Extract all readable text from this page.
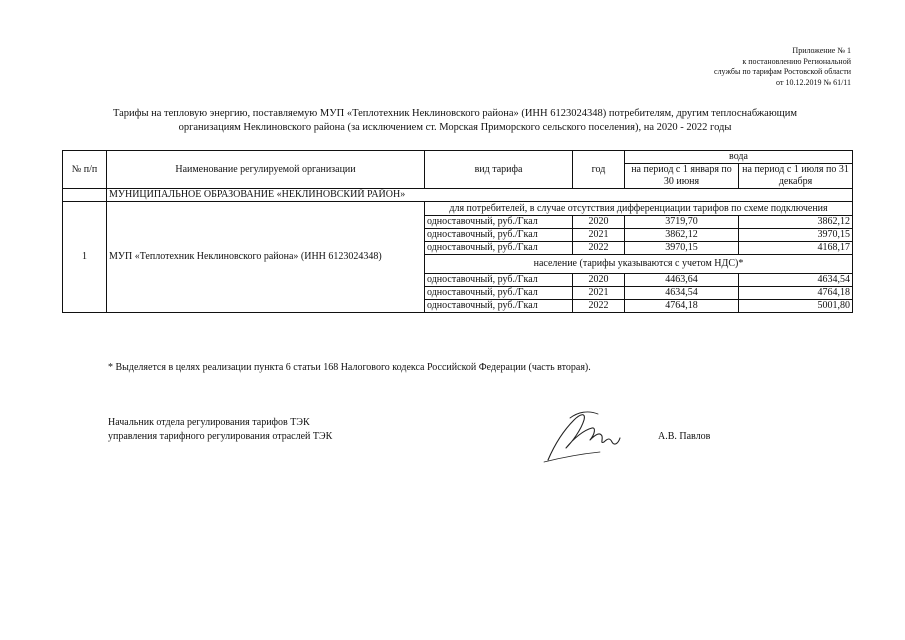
Приложение № 1
к постановлению Региональной
службы по тарифам Ростовской области
от 10.12.2019 № 61/11
Тарифы на тепловую энергию, поставляемую МУП «Теплотехник Неклиновского района» (ИНН 6123024348) потребителям, другим теплоснабжающим
организациям Неклиновского района (за исключением ст. Морская Приморского сельского поселения), на 2020 - 2022 годы
№ п/п	Наименование регулируемой организации	вид тарифа	год	вода	
				на период с 1 января по 30 июня	на период с 1 июля по 31 декабря
	МУНИЦИПАЛЬНОЕ ОБРАЗОВАНИЕ «НЕКЛИНОВСКИЙ РАЙОН»				
1	МУП «Теплотехник Неклиновского района» (ИНН 6123024348)	для потребителей, в случае отсутствия дифференциации тарифов по схеме подключения			
		одноставочный, руб./Гкал	2020	3719,70	3862,12
		одноставочный, руб./Гкал	2021	3862,12	3970,15
		одноставочный, руб./Гкал	2022	3970,15	4168,17
		население (тарифы указываются с учетом НДС)*			
		одноставочный, руб./Гкал	2020	4463,64	4634,54
		одноставочный, руб./Гкал	2021	4634,54	4764,18
		одноставочный, руб./Гкал	2022	4764,18	5001,80
* Выделяется в целях реализации пункта 6 статьи 168 Налогового кодекса Российской Федерации (часть вторая).
Начальник отдела регулирования тарифов ТЭК
управления тарифного регулирования отраслей ТЭК	А.В. Павлов
